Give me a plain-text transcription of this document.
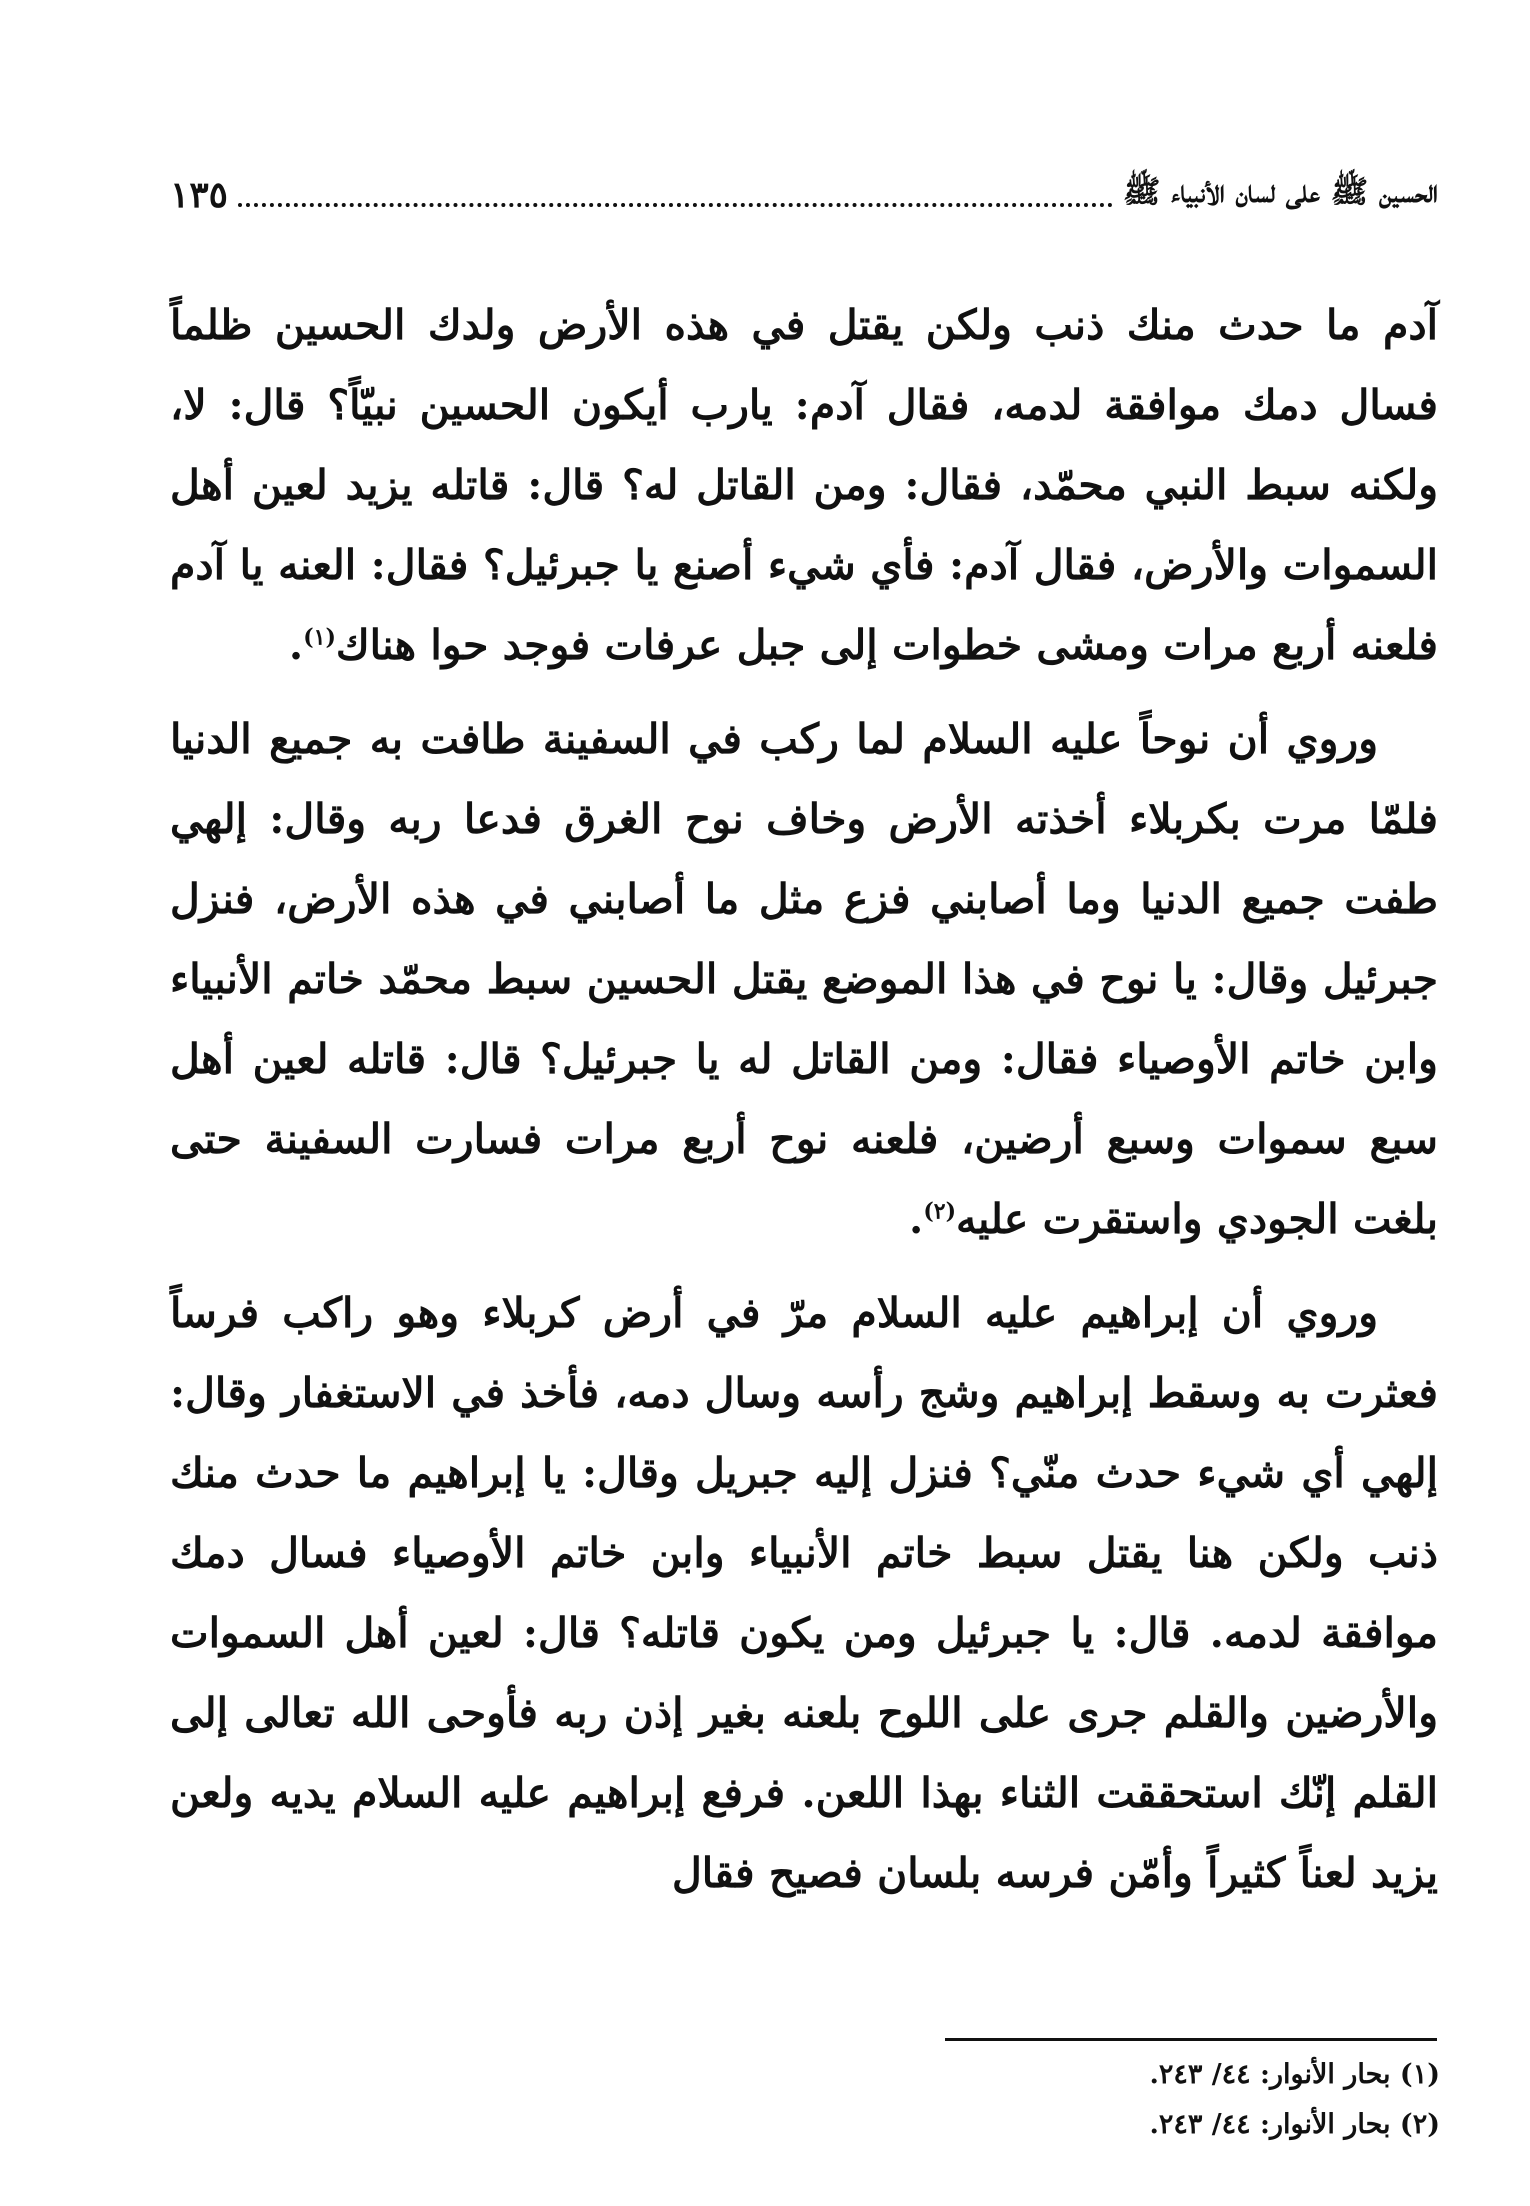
الحسين ﷺ على لسان الأنبياء ﷺ
١٣٥

آدم ما حدث منك ذنب ولكن يقتل في هذه الأرض ولدك الحسين ظلماً فسال دمك موافقة لدمه، فقال آدم: يارب أيكون الحسين نبيّاً؟ قال: لا، ولكنه سبط النبي محمّد، فقال: ومن القاتل له؟ قال: قاتله يزيد لعين أهل السموات والأرض، فقال آدم: فأي شيء أصنع يا جبرئيل؟ فقال: العنه يا آدم فلعنه أربع مرات ومشى خطوات إلى جبل عرفات فوجد حوا هناك$^{(١)}$.

وروي أن نوحاً عليه السلام لما ركب في السفينة طافت به جميع الدنيا فلمّا مرت بكربلاء أخذته الأرض وخاف نوح الغرق فدعا ربه وقال: إلهي طفت جميع الدنيا وما أصابني فزع مثل ما أصابني في هذه الأرض، فنزل جبرئيل وقال: يا نوح في هذا الموضع يقتل الحسين سبط محمّد خاتم الأنبياء وابن خاتم الأوصياء فقال: ومن القاتل له يا جبرئيل؟ قال: قاتله لعين أهل سبع سموات وسبع أرضين، فلعنه نوح أربع مرات فسارت السفينة حتى بلغت الجودي واستقرت عليه$^{(٢)}$.

وروي أن إبراهيم عليه السلام مرّ في أرض كربلاء وهو راكب فرساً فعثرت به وسقط إبراهيم وشج رأسه وسال دمه، فأخذ في الاستغفار وقال: إلهي أي شيء حدث منّي؟ فنزل إليه جبريل وقال: يا إبراهيم ما حدث منك ذنب ولكن هنا يقتل سبط خاتم الأنبياء وابن خاتم الأوصياء فسال دمك موافقة لدمه. قال: يا جبرئيل ومن يكون قاتله؟ قال: لعين أهل السموات والأرضين والقلم جرى على اللوح بلعنه بغير إذن ربه فأوحى الله تعالى إلى القلم إنّك استحققت الثناء بهذا اللعن. فرفع إبراهيم عليه السلام يديه ولعن يزيد لعناً كثيراً وأمّن فرسه بلسان فصيح فقال

(١) بحار الأنوار: ٤٤/ ٢٤٣.
(٢) بحار الأنوار: ٤٤/ ٢٤٣.
